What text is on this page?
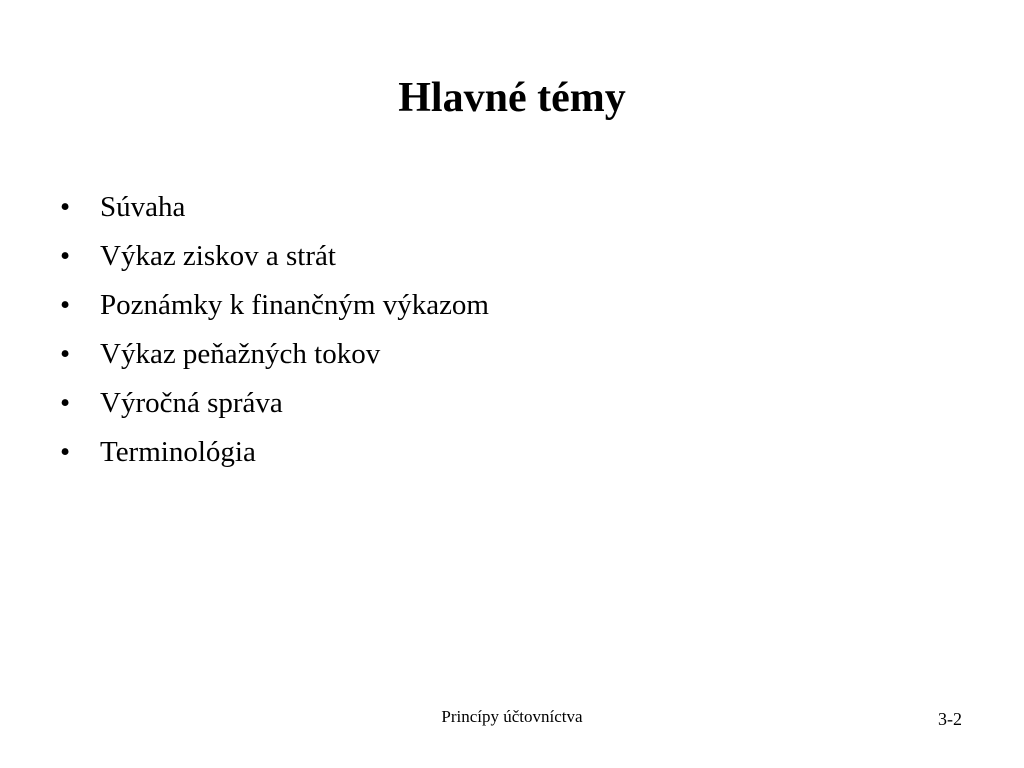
Hlavné témy
• Súvaha
• Výkaz ziskov a strát
• Poznámky k finančným výkazom
• Výkaz peňažných tokov
• Výročná správa
• Terminológia
Princípy účtovníctva	3-2
